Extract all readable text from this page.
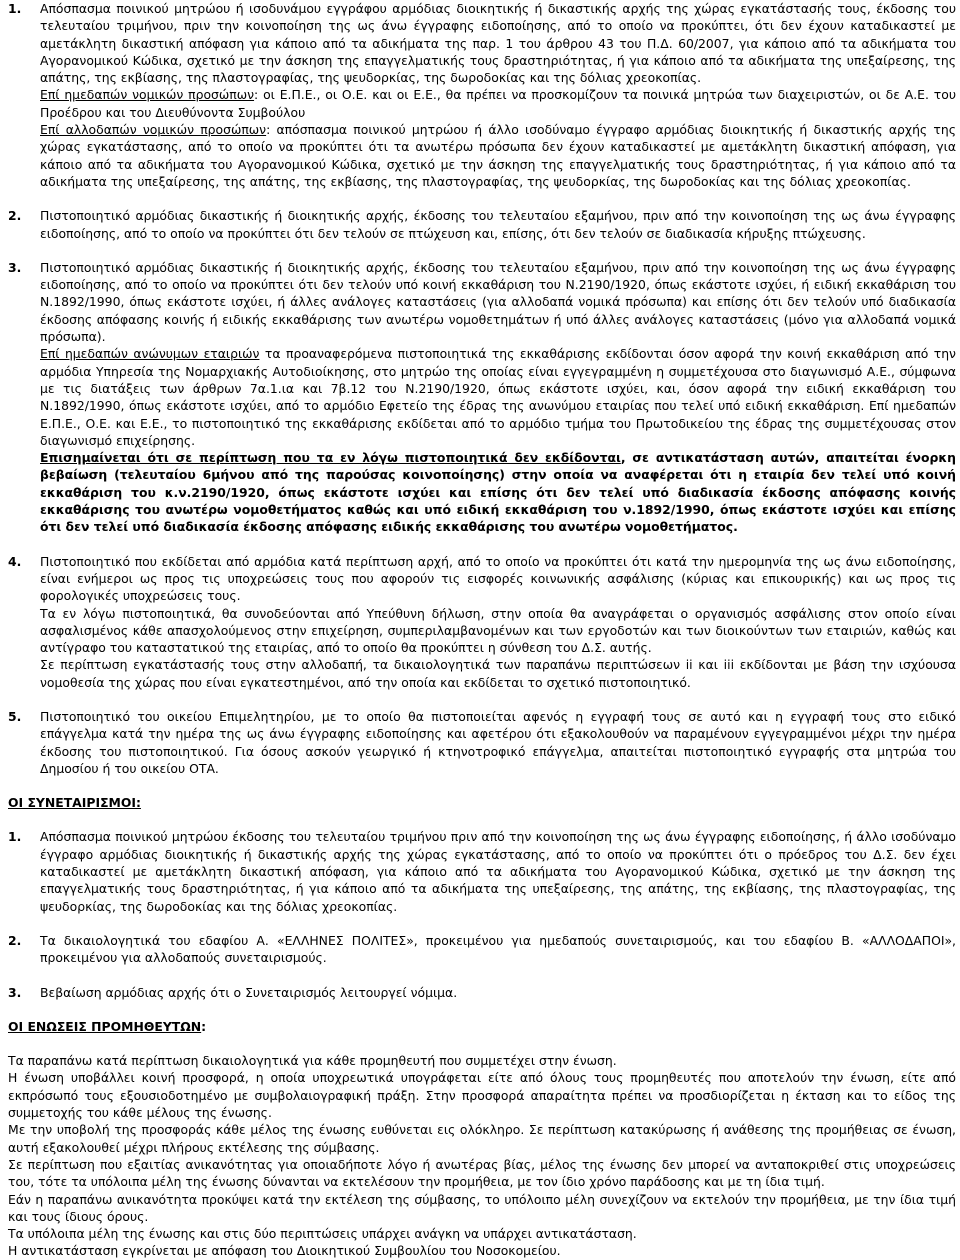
1. Απόσπασμα ποινικού μητρώου ή ισοδυνάμου εγγράφου αρμόδιας διοικητικής ή δικαστικής αρχής της χώρας εγκατάστασής τους, έκδοσης του τελευταίου τριμήνου, πριν την κοινοποίηση της ως άνω έγγραφης ειδοποίησης, από το οποίο να προκύπτει, ότι δεν έχουν καταδικαστεί με αμετάκλητη δικαστική απόφαση για κάποιο από τα αδικήματα της παρ. 1 του άρθρου 43 του Π.Δ. 60/2007, για κάποιο από τα αδικήματα του Αγορανομικού Κώδικα, σχετικό με την άσκηση της επαγγελματικής τους δραστηριότητας, ή για κάποιο από τα αδικήματα της υπεξαίρεσης, της απάτης, της εκβίασης, της πλαστογραφίας, της ψευδορκίας, της δωροδοκίας και της δόλιας χρεοκοπίας.

Επί ημεδαπών νομικών προσώπων: οι Ε.Π.Ε., οι Ο.Ε. και οι Ε.Ε., θα πρέπει να προσκομίζουν τα ποινικά μητρώα των διαχειριστών, οι δε Α.Ε. του Προέδρου και του Διευθύνοντα Συμβούλου

Επί αλλοδαπών νομικών προσώπων: απόσπασμα ποινικού μητρώου ή άλλο ισοδύναμο έγγραφο αρμόδιας διοικητικής ή δικαστικής αρχής της χώρας εγκατάστασης, από το οποίο να προκύπτει ότι τα ανωτέρω πρόσωπα δεν έχουν καταδικαστεί με αμετάκλητη δικαστική απόφαση, για κάποιο από τα αδικήματα του Αγορανομικού Κώδικα, σχετικό με την άσκηση της επαγγελματικής τους δραστηριότητας, ή για κάποιο από τα αδικήματα της υπεξαίρεσης, της απάτης, της εκβίασης, της πλαστογραφίας, της ψευδορκίας, της δωροδοκίας και της δόλιας χρεοκοπίας.

2. Πιστοποιητικό αρμόδιας δικαστικής ή διοικητικής αρχής, έκδοσης του τελευταίου εξαμήνου, πριν από την κοινοποίηση της ως άνω έγγραφης ειδοποίησης, από το οποίο να προκύπτει ότι δεν τελούν σε πτώχευση και, επίσης, ότι δεν τελούν σε διαδικασία κήρυξης πτώχευσης.

3. Πιστοποιητικό αρμόδιας δικαστικής ή διοικητικής αρχής, έκδοσης του τελευταίου εξαμήνου, πριν από την κοινοποίηση της ως άνω έγγραφης ειδοποίησης, από το οποίο να προκύπτει ότι δεν τελούν υπό κοινή εκκαθάριση του Ν.2190/1920, όπως εκάστοτε ισχύει, ή ειδική εκκαθάριση του Ν.1892/1990, όπως εκάστοτε ισχύει, ή άλλες ανάλογες καταστάσεις (για αλλοδαπά νομικά πρόσωπα) και επίσης ότι δεν τελούν υπό διαδικασία έκδοσης απόφασης κοινής ή ειδικής εκκαθάρισης των ανωτέρω νομοθετημάτων ή υπό άλλες ανάλογες καταστάσεις (μόνο για αλλοδαπά νομικά πρόσωπα).

Επί ημεδαπών ανώνυμων εταιριών τα προαναφερόμενα πιστοποιητικά της εκκαθάρισης εκδίδονται όσον αφορά την κοινή εκκαθάριση από την αρμόδια Υπηρεσία της Νομαρχιακής Αυτοδιοίκησης, στο μητρώο της οποίας είναι εγγεγραμμένη η συμμετέχουσα στο διαγωνισμό Α.Ε., σύμφωνα με τις διατάξεις των άρθρων 7α.1.ια και 7β.12 του Ν.2190/1920, όπως εκάστοτε ισχύει, και, όσον αφορά την ειδική εκκαθάριση του Ν.1892/1990, όπως εκάστοτε ισχύει, από το αρμόδιο Εφετείο της έδρας της ανωνύμου εταιρίας που τελεί υπό ειδική εκκαθάριση. Επί ημεδαπών Ε.Π.Ε., Ο.Ε. και Ε.Ε., το πιστοποιητικό της εκκαθάρισης εκδίδεται από το αρμόδιο τμήμα του Πρωτοδικείου της έδρας της συμμετέχουσας στον διαγωνισμό επιχείρησης.

Επισημαίνεται ότι σε περίπτωση που τα εν λόγω πιστοποιητικά δεν εκδίδονται, σε αντικατάσταση αυτών, απαιτείται ένορκη βεβαίωση (τελευταίου 6μήνου από της παρούσας κοινοποίησης) στην οποία να αναφέρεται ότι η εταιρία δεν τελεί υπό κοινή εκκαθάριση του κ.ν.2190/1920, όπως εκάστοτε ισχύει και επίσης ότι δεν τελεί υπό διαδικασία έκδοσης απόφασης κοινής εκκαθάρισης του ανωτέρω νομοθετήματος καθώς και υπό ειδική εκκαθάριση του ν.1892/1990, όπως εκάστοτε ισχύει και επίσης ότι δεν τελεί υπό διαδικασία έκδοσης απόφασης ειδικής εκκαθάρισης του ανωτέρω νομοθετήματος.

4. Πιστοποιητικό που εκδίδεται από αρμόδια κατά περίπτωση αρχή, από το οποίο να προκύπτει ότι κατά την ημερομηνία της ως άνω ειδοποίησης, είναι ενήμεροι ως προς τις υποχρεώσεις τους που αφορούν τις εισφορές κοινωνικής ασφάλισης (κύριας και επικουρικής) και ως προς τις φορολογικές υποχρεώσεις τους.

Τα εν λόγω πιστοποιητικά, θα συνοδεύονται από Υπεύθυνη δήλωση, στην οποία θα αναγράφεται ο οργανισμός ασφάλισης στον οποίο είναι ασφαλισμένος κάθε απασχολούμενος στην επιχείρηση, συμπεριλαμβανομένων και των εργοδοτών και των διοικούντων των εταιριών, καθώς και αντίγραφο του καταστατικού της εταιρίας, από το οποίο θα προκύπτει η σύνθεση του Δ.Σ. αυτής.

Σε περίπτωση εγκατάστασής τους στην αλλοδαπή, τα δικαιολογητικά των παραπάνω περιπτώσεων ii και iii εκδίδονται με βάση την ισχύουσα νομοθεσία της χώρας που είναι εγκατεστημένοι, από την οποία και εκδίδεται το σχετικό πιστοποιητικό.

5. Πιστοποιητικό του οικείου Επιμελητηρίου, με το οποίο θα πιστοποιείται αφενός η εγγραφή τους σε αυτό και η εγγραφή τους στο ειδικό επάγγελμα κατά την ημέρα της ως άνω έγγραφης ειδοποίησης και αφετέρου ότι εξακολουθούν να παραμένουν εγγεγραμμένοι μέχρι την ημέρα έκδοσης του πιστοποιητικού. Για όσους ασκούν γεωργικό ή κτηνοτροφικό επάγγελμα, απαιτείται πιστοποιητικό εγγραφής στα μητρώα του Δημοσίου ή του οικείου ΟΤΑ.

ΟΙ ΣΥΝΕΤΑΙΡΙΣΜΟΙ:

1. Απόσπασμα ποινικού μητρώου έκδοσης του τελευταίου τριμήνου πριν από την κοινοποίηση της ως άνω έγγραφης ειδοποίησης, ή άλλο ισοδύναμο έγγραφο αρμόδιας διοικητικής ή δικαστικής αρχής της χώρας εγκατάστασης, από το οποίο να προκύπτει ότι ο πρόεδρος του Δ.Σ. δεν έχει καταδικαστεί με αμετάκλητη δικαστική απόφαση, για κάποιο από τα αδικήματα του Αγορανομικού Κώδικα, σχετικό με την άσκηση της επαγγελματικής τους δραστηριότητας, ή για κάποιο από τα αδικήματα της υπεξαίρεσης, της απάτης, της εκβίασης, της πλαστογραφίας, της ψευδορκίας, της δωροδοκίας και της δόλιας χρεοκοπίας.

2. Τα δικαιολογητικά του εδαφίου Α. «ΕΛΛΗΝΕΣ ΠΟΛΙΤΕΣ», προκειμένου για ημεδαπούς συνεταιρισμούς, και του εδαφίου Β. «ΑΛΛΟΔΑΠΟΙ», προκειμένου για αλλοδαπούς συνεταιρισμούς.

3. Βεβαίωση αρμόδιας αρχής ότι ο Συνεταιρισμός λειτουργεί νόμιμα.

ΟΙ ΕΝΩΣΕΙΣ ΠΡΟΜΗΘΕΥΤΩΝ:

Τα παραπάνω κατά περίπτωση δικαιολογητικά για κάθε προμηθευτή που συμμετέχει στην ένωση.

Η ένωση υποβάλλει κοινή προσφορά, η οποία υποχρεωτικά υπογράφεται είτε από όλους τους προμηθευτές που αποτελούν την ένωση, είτε από εκπρόσωπό τους εξουσιοδοτημένο με συμβολαιογραφική πράξη. Στην προσφορά απαραίτητα πρέπει να προσδιορίζεται η έκταση και το είδος της συμμετοχής του κάθε μέλους της ένωσης.

Με την υποβολή της προσφοράς κάθε μέλος της ένωσης ευθύνεται εις ολόκληρο. Σε περίπτωση κατακύρωσης ή ανάθεσης της προμήθειας σε ένωση, αυτή εξακολουθεί μέχρι πλήρους εκτέλεσης της σύμβασης.

Σε περίπτωση που εξαιτίας ανικανότητας για οποιαδήποτε λόγο ή ανωτέρας βίας, μέλος της ένωσης δεν μπορεί να ανταποκριθεί στις υποχρεώσεις του, τότε τα υπόλοιπα μέλη της ένωσης δύνανται να εκτελέσουν την προμήθεια, με τον ίδιο χρόνο παράδοσης και με τη ίδια τιμή.

Εάν η παραπάνω ανικανότητα προκύψει κατά την εκτέλεση της σύμβασης, το υπόλοιπο μέλη συνεχίζουν να εκτελούν την προμήθεια, με την ίδια τιμή και τους ίδιους όρους.

Τα υπόλοιπα μέλη της ένωσης και στις δύο περιπτώσεις υπάρχει ανάγκη να υπάρχει αντικατάσταση.

Η αντικατάσταση εγκρίνεται με απόφαση του Διοικητικού Συμβουλίου του Νοσοκομείου.
